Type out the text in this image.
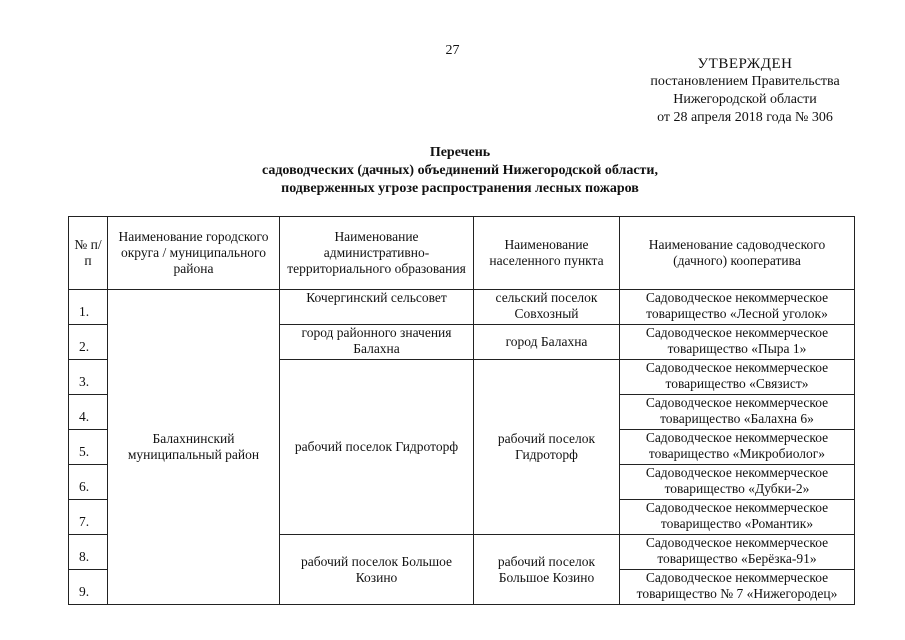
27
УТВЕРЖДЕН
постановлением Правительства
Нижегородской области
от 28 апреля 2018 года № 306
Перечень
садоводческих (дачных) объединений Нижегородской области,
подверженных угрозе распространения лесных пожаров
№ п/п	Наименование городского округа / муниципального района	Наименование административно-территориального образования	Наименование населенного пункта	Наименование садоводческого (дачного) кооператива
1.	Балахнинский муниципальный район	Кочергинский сельсовет	сельский поселок Совхозный	Садоводческое некоммерческое товарищество «Лесной уголок»
2.		город районного значения Балахна	город Балахна	Садоводческое некоммерческое товарищество «Пыра 1»
3.		рабочий поселок Гидроторф	рабочий поселок Гидроторф	Садоводческое некоммерческое товарищество «Связист»
4.				Садоводческое некоммерческое товарищество «Балахна 6»
5.				Садоводческое некоммерческое товарищество «Микробиолог»
6.				Садоводческое некоммерческое товарищество «Дубки-2»
7.				Садоводческое некоммерческое товарищество «Романтик»
8.		рабочий поселок Большое Козино	рабочий поселок Большое Козино	Садоводческое некоммерческое товарищество «Берёзка-91»
9.				Садоводческое некоммерческое товарищество № 7 «Нижегородец»
